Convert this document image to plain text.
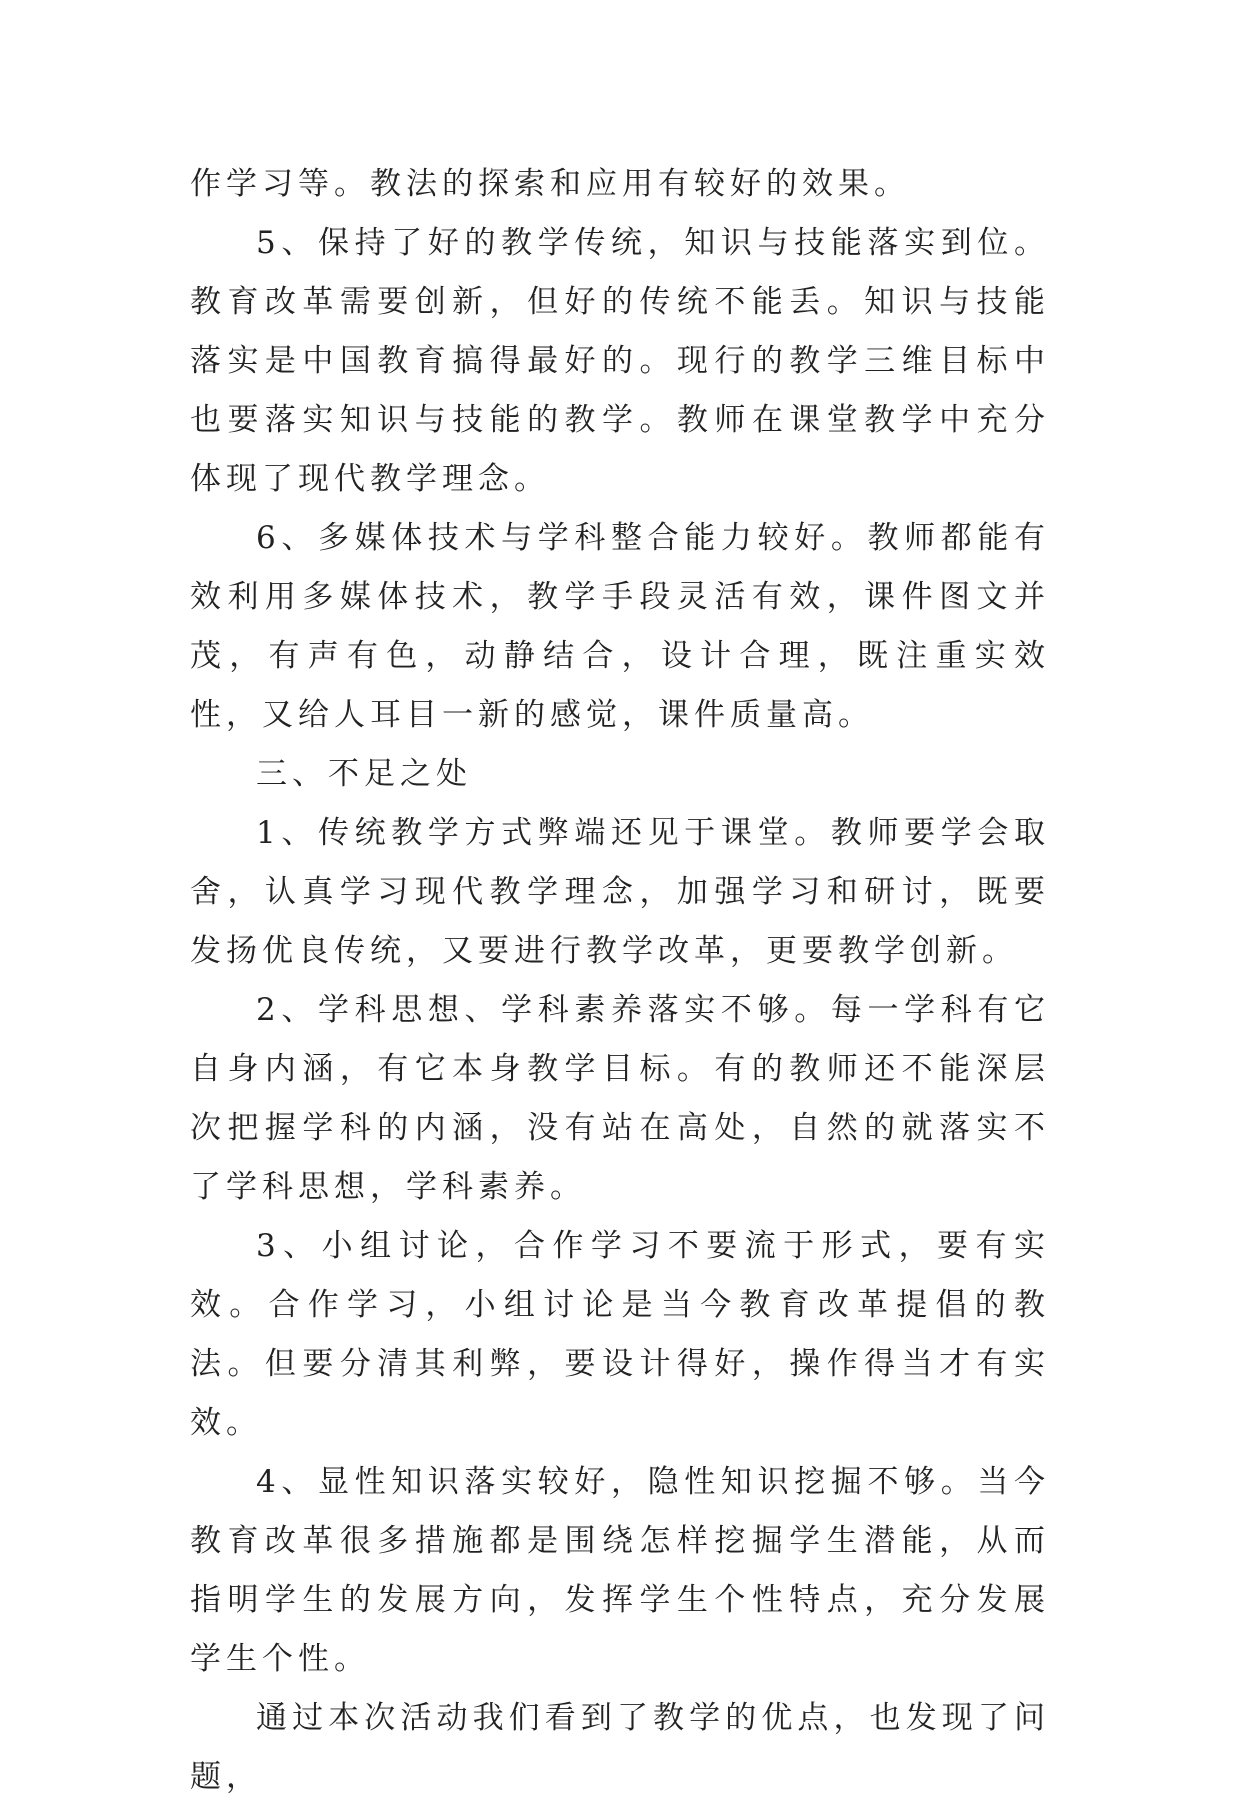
作学习等。教法的探索和应用有较好的效果。

5、保持了好的教学传统，知识与技能落实到位。教育改革需要创新，但好的传统不能丢。知识与技能落实是中国教育搞得最好的。现行的教学三维目标中也要落实知识与技能的教学。教师在课堂教学中充分体现了现代教学理念。

6、多媒体技术与学科整合能力较好。教师都能有效利用多媒体技术，教学手段灵活有效，课件图文并茂，有声有色，动静结合，设计合理，既注重实效性，又给人耳目一新的感觉，课件质量高。

三、不足之处

1、传统教学方式弊端还见于课堂。教师要学会取舍，认真学习现代教学理念，加强学习和研讨，既要发扬优良传统，又要进行教学改革，更要教学创新。

2、学科思想、学科素养落实不够。每一学科有它自身内涵，有它本身教学目标。有的教师还不能深层次把握学科的内涵，没有站在高处，自然的就落实不了学科思想，学科素养。

3、小组讨论，合作学习不要流于形式，要有实效。合作学习，小组讨论是当今教育改革提倡的教法。但要分清其利弊，要设计得好，操作得当才有实效。

4、显性知识落实较好，隐性知识挖掘不够。当今教育改革很多措施都是围绕怎样挖掘学生潜能，从而指明学生的发展方向，发挥学生个性特点，充分发展学生个性。

通过本次活动我们看到了教学的优点，也发现了问题，
